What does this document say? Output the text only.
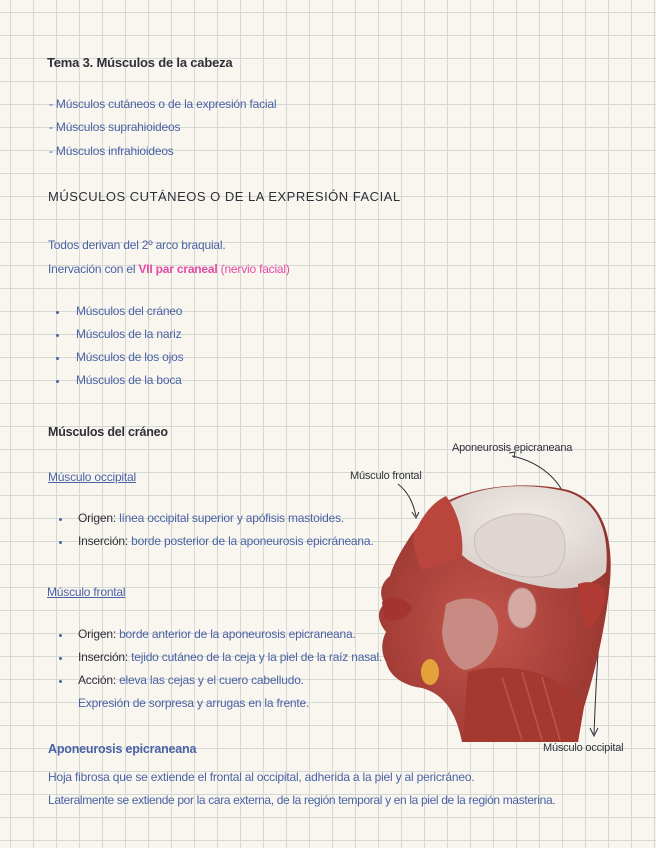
Tema 3. Músculos de la cabeza
- Músculos cutáneos o de la expresión facial
- Músculos suprahioideos
- Músculos infrahioideos
MÚSCULOS CUTÁNEOS O DE LA EXPRESIÓN FACIAL
Todos derivan del 2º arco braquial.
Inervación con el VII par craneal (nervio facial)
Músculos del cráneo
Músculos de la nariz
Músculos de los ojos
Músculos de la boca
Músculos del cráneo
Músculo occipital
Origen: línea occipital superior y apófisis mastoides.
Inserción: borde posterior de la aponeurosis epicráneana.
Músculo frontal
Origen: borde anterior de la aponeurosis epicraneana.
Inserción: tejido cutáneo de la ceja y la piel de la raíz nasal.
Acción: eleva las cejas y el cuero cabelludo.
Expresión de sorpresa y arrugas en la frente.
Aponeurosis epicraneana
Hoja fibrosa que se extiende el frontal al occipital, adherida a la piel y al pericráneo.
Lateralmente se extiende por la cara externa, de la región temporal y en la piel de la región masterina.
Aponeurosis epicraneana
Músculo frontal
Músculo occipital
